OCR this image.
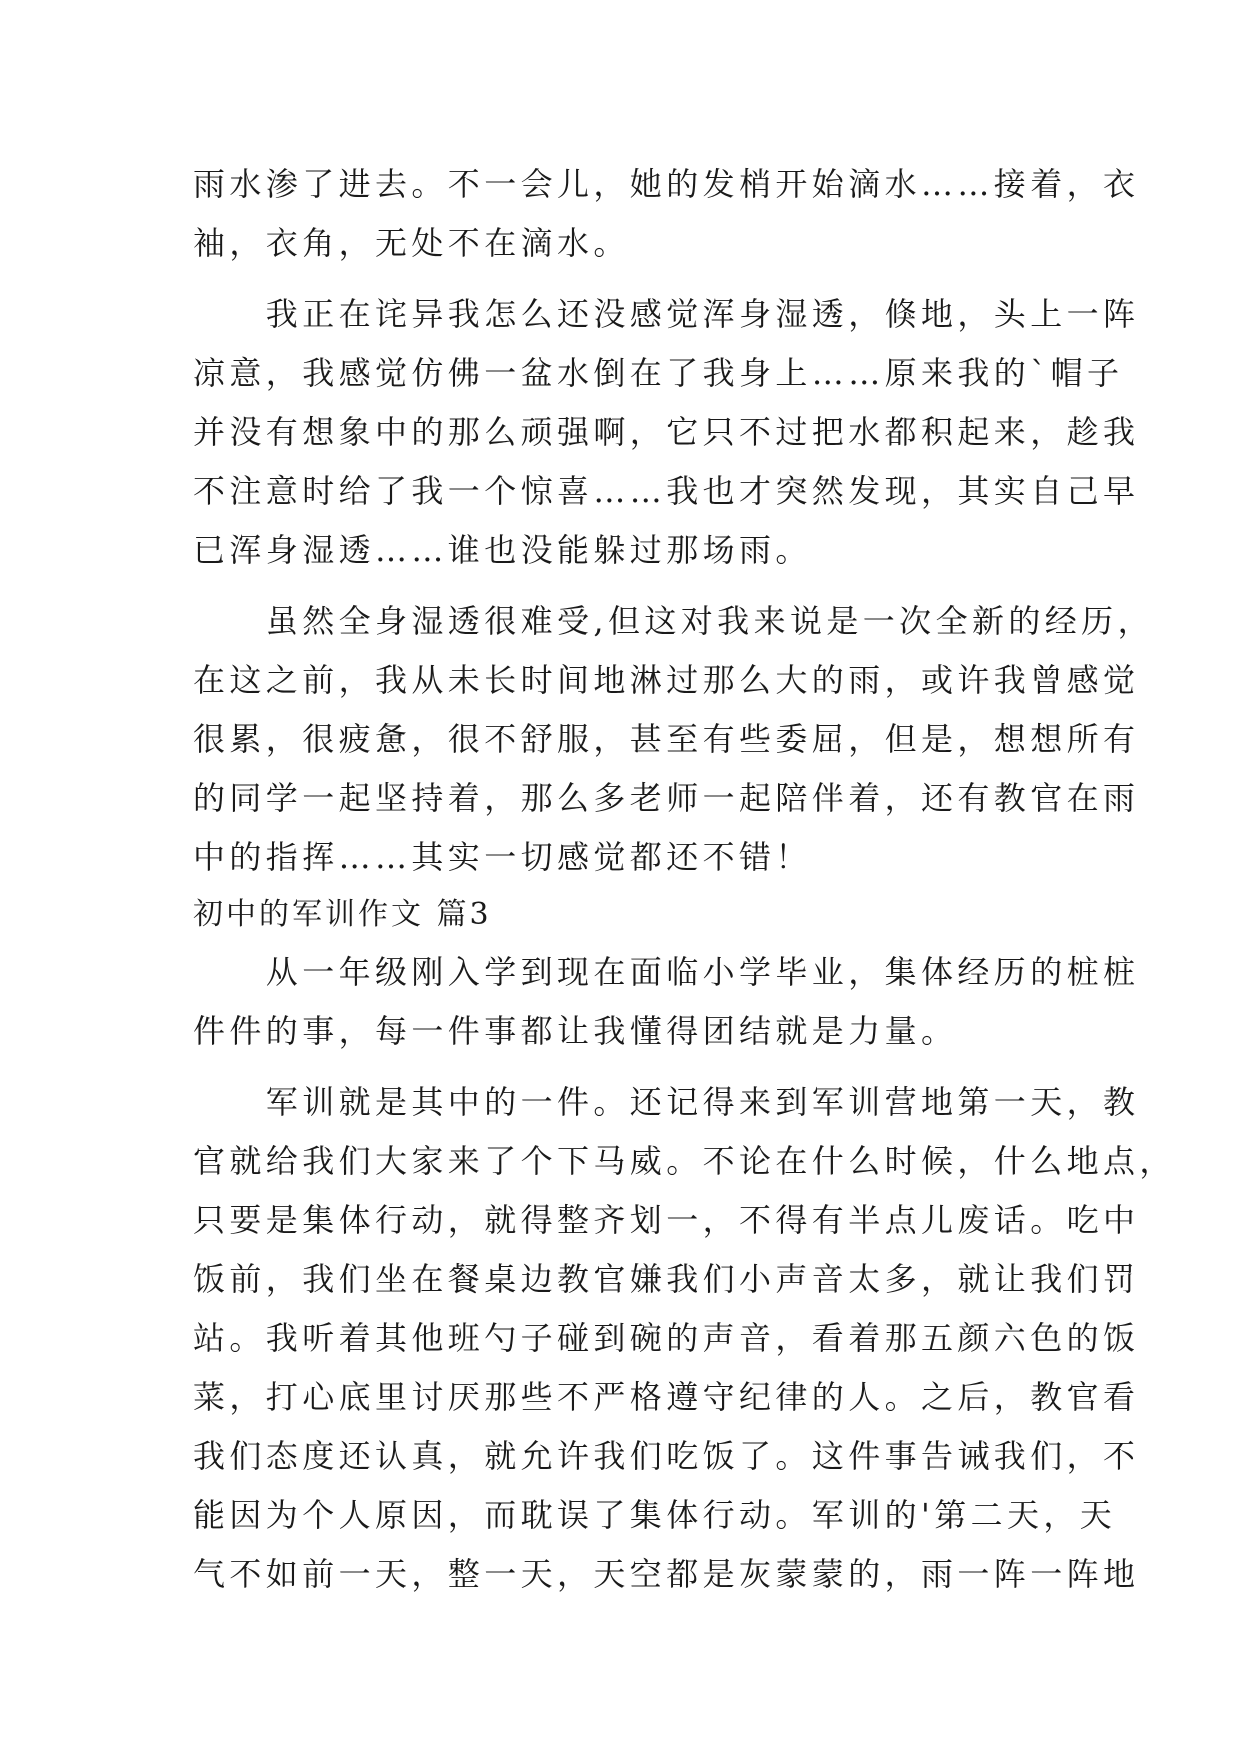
雨水渗了进去。不一会儿，她的发梢开始滴水……接着，衣
袖，衣角，无处不在滴水。
　　我正在诧异我怎么还没感觉浑身湿透，倏地，头上一阵
凉意，我感觉仿佛一盆水倒在了我身上……原来我的`帽子
并没有想象中的那么顽强啊，它只不过把水都积起来，趁我
不注意时给了我一个惊喜……我也才突然发现，其实自己早
已浑身湿透……谁也没能躲过那场雨。
　　虽然全身湿透很难受,但这对我来说是一次全新的经历，
在这之前，我从未长时间地淋过那么大的雨，或许我曾感觉
很累，很疲惫，很不舒服，甚至有些委屈，但是，想想所有
的同学一起坚持着，那么多老师一起陪伴着，还有教官在雨
中的指挥……其实一切感觉都还不错！
初中的军训作文 篇3
　　从一年级刚入学到现在面临小学毕业，集体经历的桩桩
件件的事，每一件事都让我懂得团结就是力量。
　　军训就是其中的一件。还记得来到军训营地第一天，教
官就给我们大家来了个下马威。不论在什么时候，什么地点，
只要是集体行动，就得整齐划一，不得有半点儿废话。吃中
饭前，我们坐在餐桌边教官嫌我们小声音太多，就让我们罚
站。我听着其他班勺子碰到碗的声音，看着那五颜六色的饭
菜，打心底里讨厌那些不严格遵守纪律的人。之后，教官看
我们态度还认真，就允许我们吃饭了。这件事告诫我们，不
能因为个人原因，而耽误了集体行动。军训的'第二天，天
气不如前一天，整一天，天空都是灰蒙蒙的，雨一阵一阵地
